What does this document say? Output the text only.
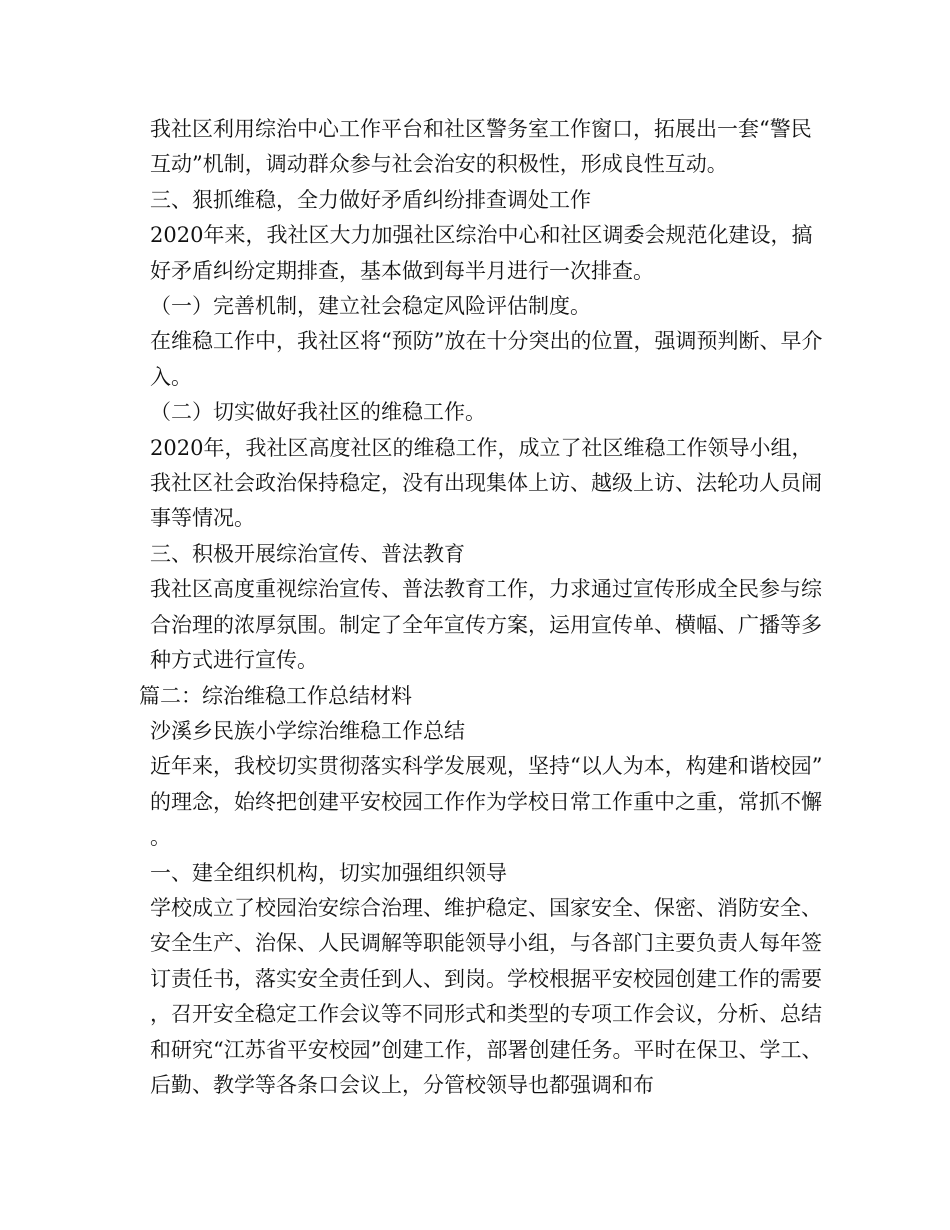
我社区利用综治中心工作平台和社区警务室工作窗口，拓展出一套“警民互动”机制，调动群众参与社会治安的积极性，形成良性互动。

三、狠抓维稳，全力做好矛盾纠纷排查调处工作

2020年来，我社区大力加强社区综治中心和社区调委会规范化建设，搞好矛盾纠纷定期排查，基本做到每半月进行一次排查。

（一）完善机制，建立社会稳定风险评估制度。

在维稳工作中，我社区将“预防”放在十分突出的位置，强调预判断、早介入。

（二）切实做好我社区的维稳工作。

2020年，我社区高度社区的维稳工作，成立了社区维稳工作领导小组，我社区社会政治保持稳定，没有出现集体上访、越级上访、法轮功人员闹事等情况。

三、积极开展综治宣传、普法教育

我社区高度重视综治宣传、普法教育工作，力求通过宣传形成全民参与综合治理的浓厚氛围。制定了全年宣传方案，运用宣传单、横幅、广播等多种方式进行宣传。

篇二：综治维稳工作总结材料

沙溪乡民族小学综治维稳工作总结

近年来，我校切实贯彻落实科学发展观，坚持“以人为本，构建和谐校园”的理念，始终把创建平安校园工作作为学校日常工作重中之重，常抓不懈。

一、建全组织机构，切实加强组织领导

学校成立了校园治安综合治理、维护稳定、国家安全、保密、消防安全、安全生产、治保、人民调解等职能领导小组，与各部门主要负责人每年签订责任书，落实安全责任到人、到岗。学校根据平安校园创建工作的需要，召开安全稳定工作会议等不同形式和类型的专项工作会议，分析、总结和研究“江苏省平安校园”创建工作，部署创建任务。平时在保卫、学工、后勤、教学等各条口会议上，分管校领导也都强调和布
